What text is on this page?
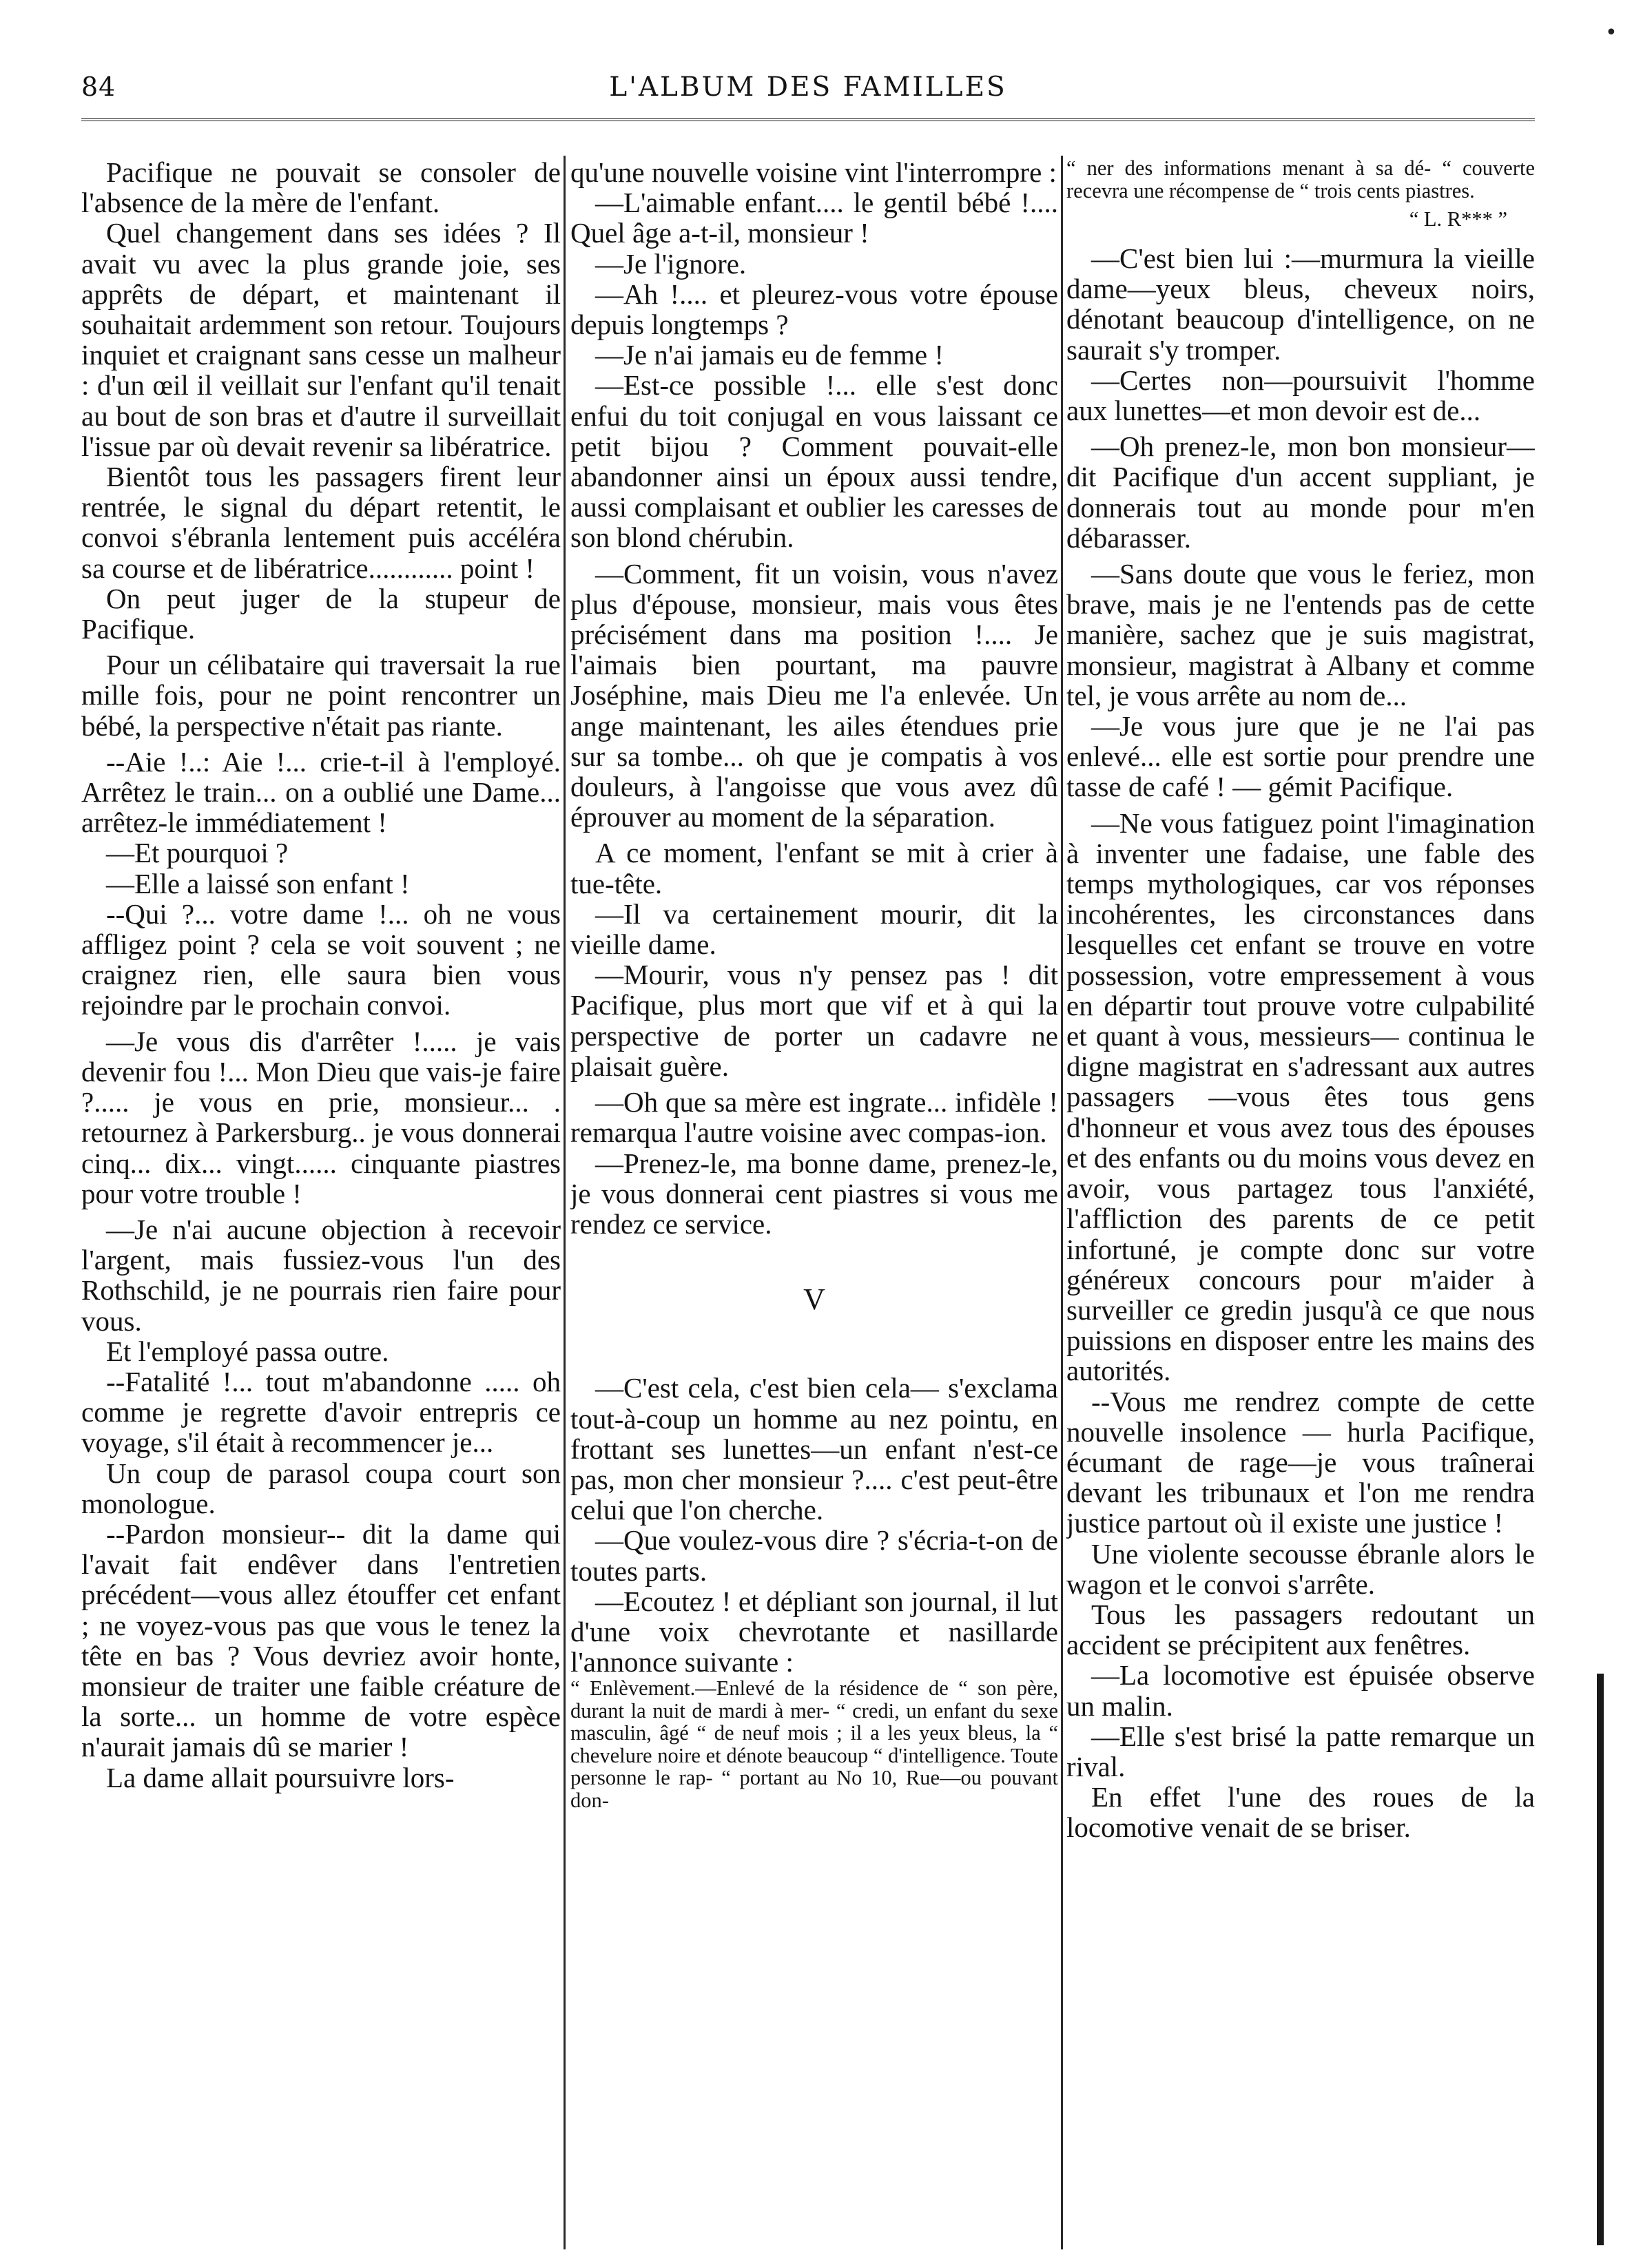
84	L'ALBUM DES FAMILLES
•

Pacifique ne pouvait se consoler de l'absence de la mère de l'enfant.

Quel changement dans ses idées ? Il avait vu avec la plus grande joie, ses apprêts de départ, et maintenant il souhaitait ardemment son retour. Toujours inquiet et craignant sans cesse un malheur : d'un œil il veillait sur l'enfant qu'il tenait au bout de son bras et d'autre il surveillait l'issue par où devait revenir sa libératrice.

Bientôt tous les passagers firent leur rentrée, le signal du départ retentit, le convoi s'ébranla lentement puis accéléra sa course et de libératrice............ point !

On peut juger de la stupeur de Pacifique.

Pour un célibataire qui traversait la rue mille fois, pour ne point rencontrer un bébé, la perspective n'était pas riante.

--Aie !..: Aie !... crie-t-il à l'employé. Arrêtez le train... on a oublié une Dame... arrêtez-le immédiatement !

—Et pourquoi ?

—Elle a laissé son enfant !

--Qui ?... votre dame !... oh ne vous affligez point ? cela se voit souvent ; ne craignez rien, elle saura bien vous rejoindre par le prochain convoi.

—Je vous dis d'arrêter !..... je vais devenir fou !... Mon Dieu que vais-je faire ?..... je vous en prie, monsieur... . retournez à Parkersburg.. je vous donnerai cinq... dix... vingt...... cinquante piastres pour votre trouble !

—Je n'ai aucune objection à recevoir l'argent, mais fussiez-vous l'un des Rothschild, je ne pourrais rien faire pour vous.

Et l'employé passa outre.

--Fatalité !... tout m'abandonne ..... oh comme je regrette d'avoir entrepris ce voyage, s'il était à recommencer je...

Un coup de parasol coupa court son monologue.

--Pardon monsieur-- dit la dame qui l'avait fait endêver dans l'entretien précédent—vous allez étouffer cet enfant ; ne voyez-vous pas que vous le tenez la tête en bas ? Vous devriez avoir honte, monsieur de traiter une faible créature de la sorte... un homme de votre espèce n'aurait jamais dû se marier !

La dame allait poursuivre lors-

qu'une nouvelle voisine vint l'interrompre :

—L'aimable enfant.... le gentil bébé !.... Quel âge a-t-il, monsieur !

—Je l'ignore.

—Ah !.... et pleurez-vous votre épouse depuis longtemps ?

—Je n'ai jamais eu de femme !

—Est-ce possible !... elle s'est donc enfui du toit conjugal en vous laissant ce petit bijou ? Comment pouvait-elle abandonner ainsi un époux aussi tendre, aussi complaisant et oublier les caresses de son blond chérubin.

—Comment, fit un voisin, vous n'avez plus d'épouse, monsieur, mais vous êtes précisément dans ma position !.... Je l'aimais bien pourtant, ma pauvre Joséphine, mais Dieu me l'a enlevée. Un ange maintenant, les ailes étendues prie sur sa tombe... oh que je compatis à vos douleurs, à l'angoisse que vous avez dû éprouver au moment de la séparation.

A ce moment, l'enfant se mit à crier à tue-tête.

—Il va certainement mourir, dit la vieille dame.

—Mourir, vous n'y pensez pas ! dit Pacifique, plus mort que vif et à qui la perspective de porter un cadavre ne plaisait guère.

—Oh que sa mère est ingrate... infidèle ! remarqua l'autre voisine avec compas-ion.

—Prenez-le, ma bonne dame, prenez-le, je vous donnerai cent piastres si vous me rendez ce service.

V

—C'est cela, c'est bien cela— s'exclama tout-à-coup un homme au nez pointu, en frottant ses lunettes—un enfant n'est-ce pas, mon cher monsieur ?.... c'est peut-être celui que l'on cherche.

—Que voulez-vous dire ? s'écria-t-on de toutes parts.

—Ecoutez ! et dépliant son journal, il lut d'une voix chevrotante et nasillarde l'annonce suivante :

“ Enlèvement.—Enlevé de la résidence de “ son père, durant la nuit de mardi à mer- “ credi, un enfant du sexe masculin, âgé “ de neuf mois ; il a les yeux bleus, la “ chevelure noire et dénote beaucoup “ d'intelligence. Toute personne le rap- “ portant au No 10, Rue—ou pouvant don-

“ ner des informations menant à sa dé- “ couverte recevra une récompense de “ trois cents piastres.

“ L. R*** ”

—C'est bien lui :—murmura la vieille dame—yeux bleus, cheveux noirs, dénotant beaucoup d'intelligence, on ne saurait s'y tromper.

—Certes non—poursuivit l'homme aux lunettes—et mon devoir est de...

—Oh prenez-le, mon bon monsieur—dit Pacifique d'un accent suppliant, je donnerais tout au monde pour m'en débarasser.

—Sans doute que vous le feriez, mon brave, mais je ne l'entends pas de cette manière, sachez que je suis magistrat, monsieur, magistrat à Albany et comme tel, je vous arrête au nom de...

—Je vous jure que je ne l'ai pas enlevé... elle est sortie pour prendre une tasse de café ! — gémit Pacifique.

—Ne vous fatiguez point l'imagination à inventer une fadaise, une fable des temps mythologiques, car vos réponses incohérentes, les circonstances dans lesquelles cet enfant se trouve en votre possession, votre empressement à vous en départir tout prouve votre culpabilité et quant à vous, messieurs— continua le digne magistrat en s'adressant aux autres passagers —vous êtes tous gens d'honneur et vous avez tous des épouses et des enfants ou du moins vous devez en avoir, vous partagez tous l'anxiété, l'affliction des parents de ce petit infortuné, je compte donc sur votre généreux concours pour m'aider à surveiller ce gredin jusqu'à ce que nous puissions en disposer entre les mains des autorités.

--Vous me rendrez compte de cette nouvelle insolence — hurla Pacifique, écumant de rage—je vous traînerai devant les tribunaux et l'on me rendra justice partout où il existe une justice !

Une violente secousse ébranle alors le wagon et le convoi s'arrête.

Tous les passagers redoutant un accident se précipitent aux fenêtres.

—La locomotive est épuisée observe un malin.

—Elle s'est brisé la patte remarque un rival.

En effet l'une des roues de la locomotive venait de se briser.
